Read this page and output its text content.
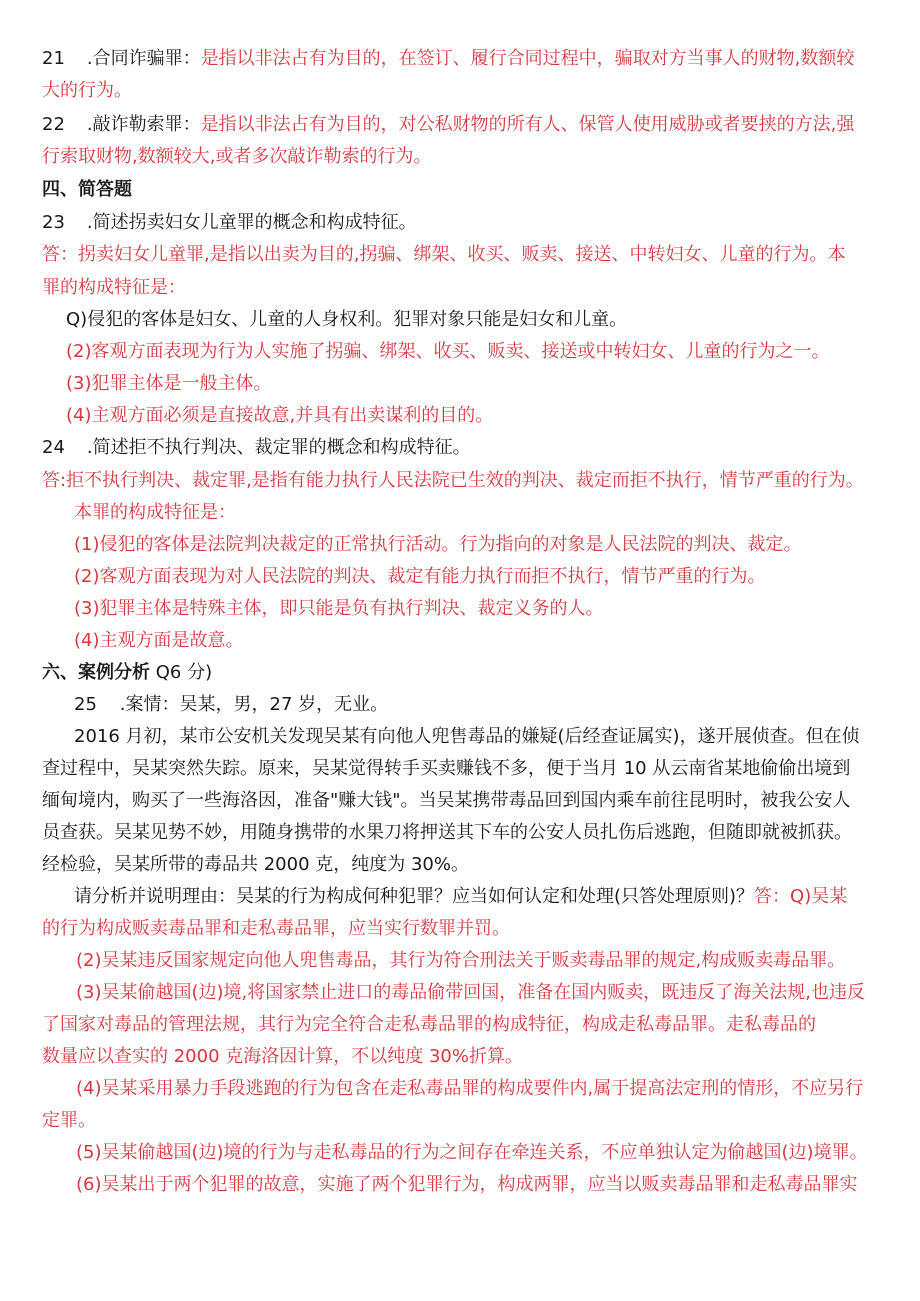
21 .合同诈骗罪：是指以非法占有为目的，在签订、履行合同过程中，骗取对方当事人的财物,数额较
大的行为。
22 .敲诈勒索罪：是指以非法占有为目的，对公私财物的所有人、保管人使用威胁或者要挟的方法,强
行索取财物,数额较大,或者多次敲诈勒索的行为。
四、简答题
23 .简述拐卖妇女儿童罪的概念和构成特征。
答：拐卖妇女儿童罪,是指以出卖为目的,拐骗、绑架、收买、贩卖、接送、中转妇女、儿童的行为。本
罪的构成特征是：
Q)侵犯的客体是妇女、儿童的人身权利。犯罪对象只能是妇女和儿童。
(2)客观方面表现为行为人实施了拐骗、绑架、收买、贩卖、接送或中转妇女、儿童的行为之一。
(3)犯罪主体是一般主体。
(4)主观方面必须是直接故意,并具有出卖谋利的目的。
24 .简述拒不执行判决、裁定罪的概念和构成特征。
答:拒不执行判决、裁定罪,是指有能力执行人民法院已生效的判决、裁定而拒不执行，情节严重的行为。
本罪的构成特征是：
(1)侵犯的客体是法院判决裁定的正常执行活动。行为指向的对象是人民法院的判决、裁定。
(2)客观方面表现为对人民法院的判决、裁定有能力执行而拒不执行，情节严重的行为。
(3)犯罪主体是特殊主体，即只能是负有执行判决、裁定义务的人。
(4)主观方面是故意。
六、案例分析 Q6 分)
25    .案情：吴某，男，27 岁，无业。
2016 月初，某市公安机关发现吴某有向他人兜售毒品的嫌疑(后经查证属实)，遂开展侦查。但在侦
查过程中，吴某突然失踪。原来，吴某觉得转手买卖赚钱不多，便于当月 10 从云南省某地偷偷出境到
缅甸境内，购买了一些海洛因，准备"赚大钱"。当吴某携带毒品回到国内乘车前往昆明时，被我公安人
员查获。吴某见势不妙，用随身携带的水果刀将押送其下车的公安人员扎伤后逃跑，但随即就被抓获。
经检验，吴某所带的毒品共 2000 克，纯度为 30%。
请分析并说明理由：吴某的行为构成何种犯罪？应当如何认定和处理(只答处理原则)？答：Q)吴某
的行为构成贩卖毒品罪和走私毒品罪，应当实行数罪并罚。
(2)吴某违反国家规定向他人兜售毒品，其行为符合刑法关于贩卖毒品罪的规定,构成贩卖毒品罪。
(3)吴某偷越国(边)境,将国家禁止进口的毒品偷带回国，准备在国内贩卖，既违反了海关法规,也违反
了国家对毒品的管理法规，其行为完全符合走私毒品罪的构成特征，构成走私毒品罪。走私毒品的
数量应以查实的 2000 克海洛因计算，不以纯度 30%折算。
(4)吴某采用暴力手段逃跑的行为包含在走私毒品罪的构成要件内,属于提高法定刑的情形，不应另行
定罪。
(5)吴某偷越国(边)境的行为与走私毒品的行为之间存在牵连关系，不应单独认定为偷越国(边)境罪。
(6)吴某出于两个犯罪的故意，实施了两个犯罪行为，构成两罪，应当以贩卖毒品罪和走私毒品罪实
